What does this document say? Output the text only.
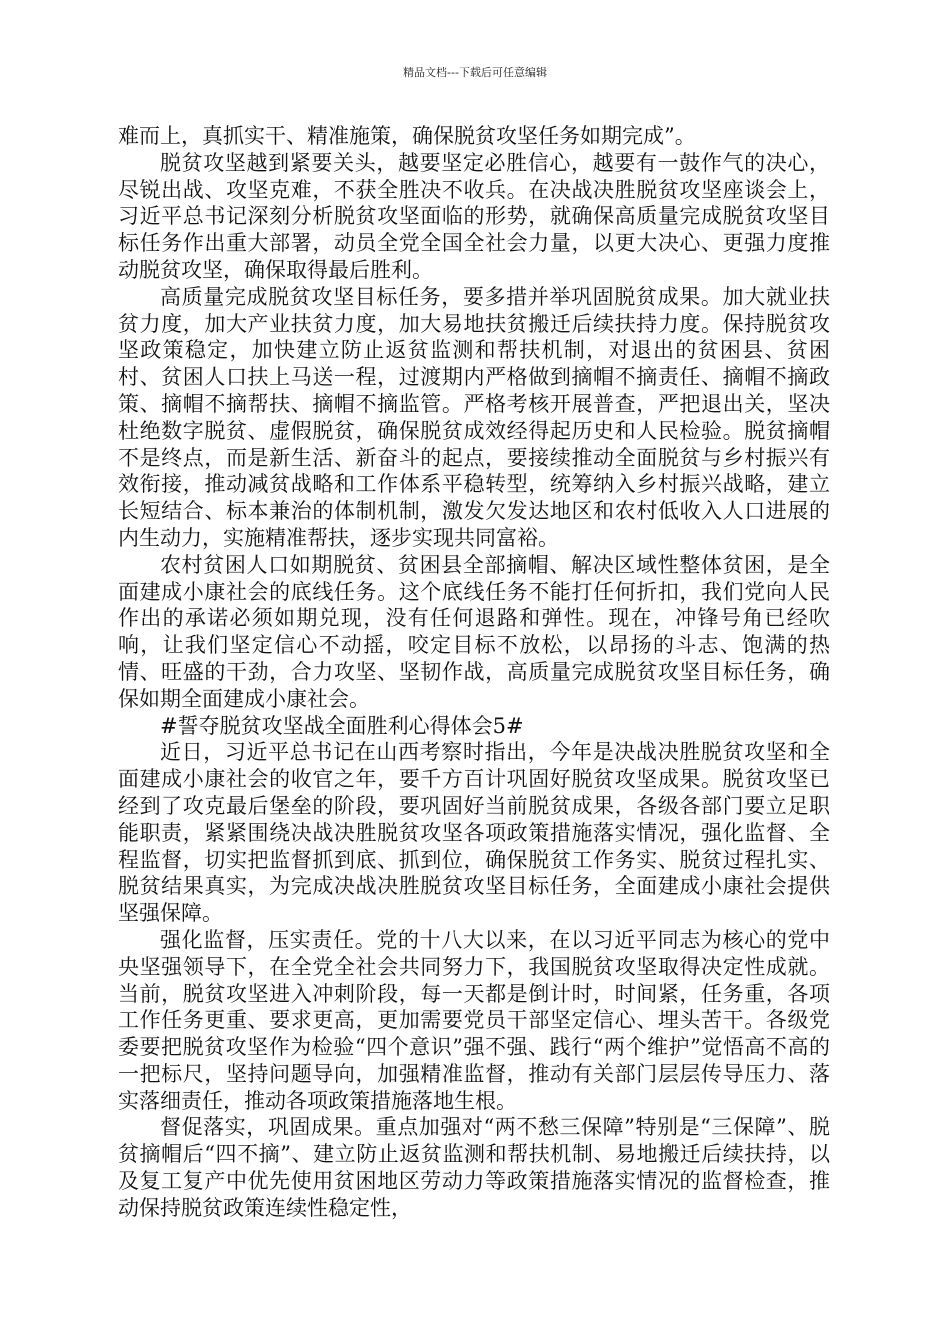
精品文档---下载后可任意编辑

难而上，真抓实干、精准施策，确保脱贫攻坚任务如期完成”。

脱贫攻坚越到紧要关头，越要坚定必胜信心，越要有一鼓作气的决心，尽锐出战、攻坚克难，不获全胜决不收兵。在决战决胜脱贫攻坚座谈会上，习近平总书记深刻分析脱贫攻坚面临的形势，就确保高质量完成脱贫攻坚目标任务作出重大部署，动员全党全国全社会力量，以更大决心、更强力度推动脱贫攻坚，确保取得最后胜利。

高质量完成脱贫攻坚目标任务，要多措并举巩固脱贫成果。加大就业扶贫力度，加大产业扶贫力度，加大易地扶贫搬迁后续扶持力度。保持脱贫攻坚政策稳定，加快建立防止返贫监测和帮扶机制，对退出的贫困县、贫困村、贫困人口扶上马送一程，过渡期内严格做到摘帽不摘责任、摘帽不摘政策、摘帽不摘帮扶、摘帽不摘监管。严格考核开展普查，严把退出关，坚决杜绝数字脱贫、虚假脱贫，确保脱贫成效经得起历史和人民检验。脱贫摘帽不是终点，而是新生活、新奋斗的起点，要接续推动全面脱贫与乡村振兴有效衔接，推动减贫战略和工作体系平稳转型，统筹纳入乡村振兴战略，建立长短结合、标本兼治的体制机制，激发欠发达地区和农村低收入人口进展的内生动力，实施精准帮扶，逐步实现共同富裕。

农村贫困人口如期脱贫、贫困县全部摘帽、解决区域性整体贫困，是全面建成小康社会的底线任务。这个底线任务不能打任何折扣，我们党向人民作出的承诺必须如期兑现，没有任何退路和弹性。现在，冲锋号角已经吹响，让我们坚定信心不动摇，咬定目标不放松，以昂扬的斗志、饱满的热情、旺盛的干劲，合力攻坚、坚韧作战，高质量完成脱贫攻坚目标任务，确保如期全面建成小康社会。

#誓夺脱贫攻坚战全面胜利心得体会5#

近日，习近平总书记在山西考察时指出，今年是决战决胜脱贫攻坚和全面建成小康社会的收官之年，要千方百计巩固好脱贫攻坚成果。脱贫攻坚已经到了攻克最后堡垒的阶段，要巩固好当前脱贫成果，各级各部门要立足职能职责，紧紧围绕决战决胜脱贫攻坚各项政策措施落实情况，强化监督、全程监督，切实把监督抓到底、抓到位，确保脱贫工作务实、脱贫过程扎实、脱贫结果真实，为完成决战决胜脱贫攻坚目标任务，全面建成小康社会提供坚强保障。

强化监督，压实责任。党的十八大以来，在以习近平同志为核心的党中央坚强领导下，在全党全社会共同努力下，我国脱贫攻坚取得决定性成就。当前，脱贫攻坚进入冲刺阶段，每一天都是倒计时，时间紧，任务重，各项工作任务更重、要求更高，更加需要党员干部坚定信心、埋头苦干。各级党委要把脱贫攻坚作为检验“四个意识”强不强、践行“两个维护”觉悟高不高的一把标尺，坚持问题导向，加强精准监督，推动有关部门层层传导压力、落实落细责任，推动各项政策措施落地生根。

督促落实，巩固成果。重点加强对“两不愁三保障”特别是“三保障”、脱贫摘帽后“四不摘”、建立防止返贫监测和帮扶机制、易地搬迁后续扶持，以及复工复产中优先使用贫困地区劳动力等政策措施落实情况的监督检查，推动保持脱贫政策连续性稳定性，
